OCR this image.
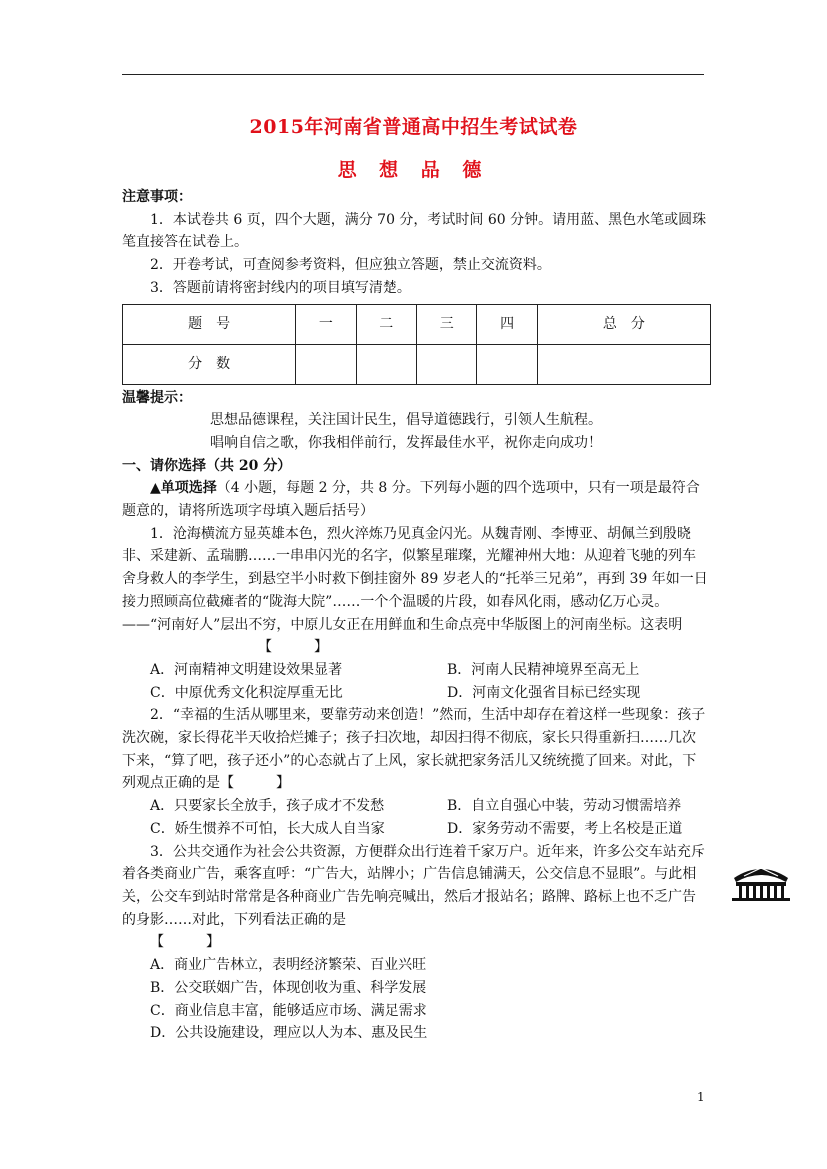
2015年河南省普通高中招生考试试卷
思 想 品 德

注意事项：

1．本试卷共 6 页，四个大题，满分 70 分，考试时间 60 分钟。请用蓝、黑色水笔或圆珠笔直接答在试卷上。

2．开卷考试，可查阅参考资料，但应独立答题，禁止交流资料。

3．答题前请将密封线内的项目填写清楚。

题　号	一	二	三	四	总　分
分　数					

温馨提示：

思想品德课程，关注国计民生，倡导道德践行，引领人生航程。

唱响自信之歌，你我相伴前行，发挥最佳水平，祝你走向成功！

一、请你选择（共 20 分）

▲单项选择（4 小题，每题 2 分，共 8 分。下列每小题的四个选项中，只有一项是最符合题意的，请将所选项字母填入题后括号）

1．沧海横流方显英雄本色，烈火淬炼乃见真金闪光。从魏青刚、李博亚、胡佩兰到殷晓非、采建新、孟瑞鹏……一串串闪光的名字，似繁星璀璨，光耀神州大地：从迎着飞驰的列车舍身救人的李学生，到悬空半小时救下倒挂窗外 89 岁老人的“托举三兄弟”，再到 39 年如一日接力照顾高位截瘫者的“陇海大院”……一个个温暖的片段，如春风化雨，感动亿万心灵。——“河南好人”层出不穷，中原儿女正在用鲜血和生命点亮中华版图上的河南坐标。这表明【　　　】

A．河南精神文明建设效果显著	B．河南人民精神境界至高无上
C．中原优秀文化积淀厚重无比	D．河南文化强省目标已经实现

2．“幸福的生活从哪里来，要靠劳动来创造！”然而，生活中却存在着这样一些现象：孩子洗次碗，家长得花半天收拾烂摊子；孩子扫次地，却因扫得不彻底，家长只得重新扫……几次下来，“算了吧，孩子还小”的心态就占了上风，家长就把家务活儿又统统揽了回来。对此，下列观点正确的是【　　　】

A．只要家长全放手，孩子成才不发愁	B．自立自强心中装，劳动习惯需培养
C．娇生惯养不可怕，长大成人自当家	D．家务劳动不需要，考上名校是正道

3．公共交通作为社会公共资源，方便群众出行连着千家万户。近年来，许多公交车站充斥着各类商业广告，乘客直呼：“广告大，站牌小；广告信息铺满天，公交信息不显眼”。与此相关，公交车到站时常常是各种商业广告先响亮喊出，然后才报站名；路牌、路标上也不乏广告的身影……对此，下列看法正确的是

【　　　】

A．商业广告林立，表明经济繁荣、百业兴旺

B．公交联姻广告，体现创收为重、科学发展

C．商业信息丰富，能够适应市场、满足需求

D．公共设施建设，理应以人为本、惠及民生

1
